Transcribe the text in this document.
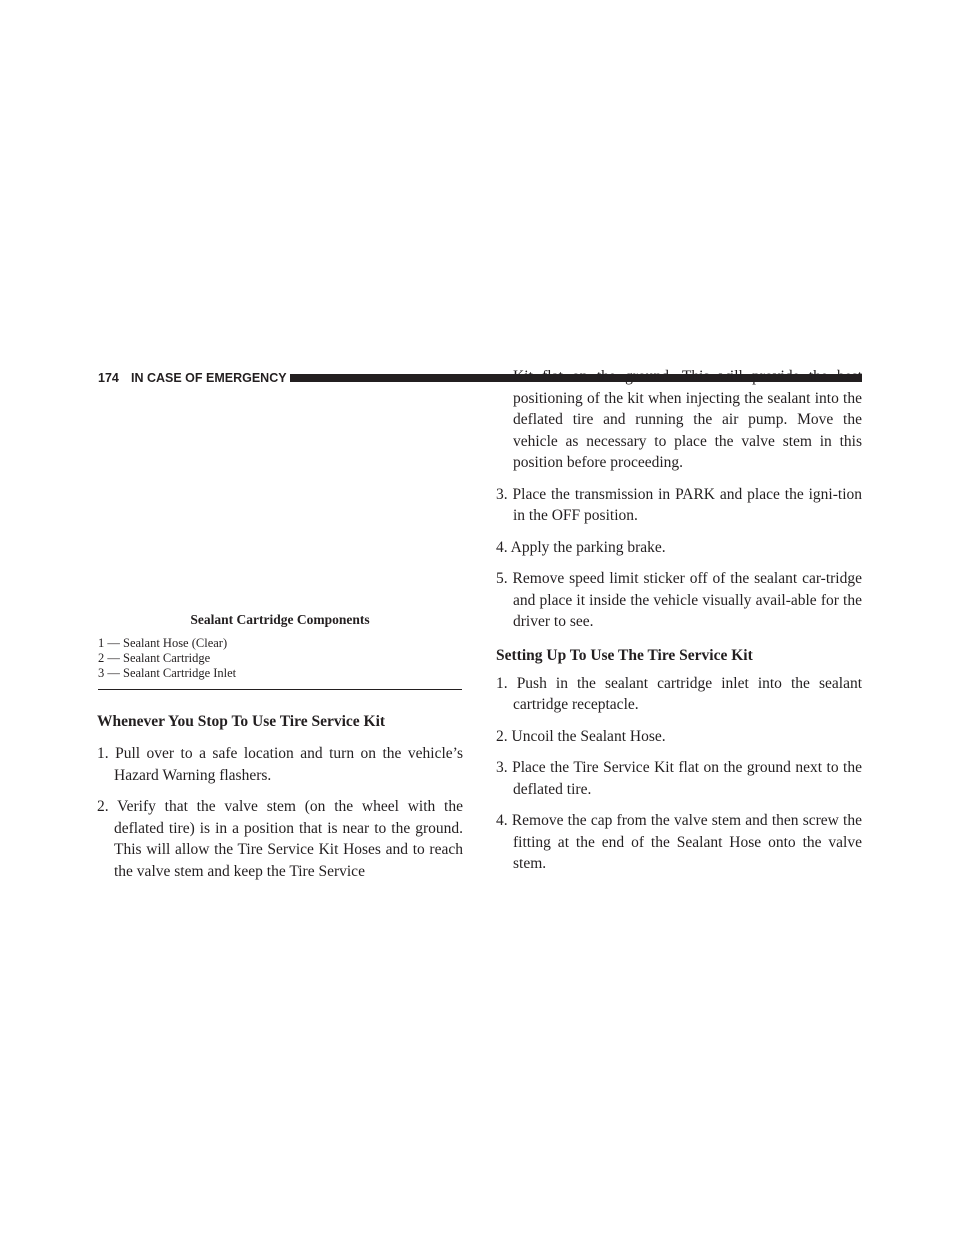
174 IN CASE OF EMERGENCY
Sealant Cartridge Components
1 — Sealant Hose (Clear)
2 — Sealant Cartridge
3 — Sealant Cartridge Inlet
Whenever You Stop To Use Tire Service Kit
1. Pull over to a safe location and turn on the vehicle’s Hazard Warning flashers.
2. Verify that the valve stem (on the wheel with the deflated tire) is in a position that is near to the ground. This will allow the Tire Service Kit Hoses and to reach the valve stem and keep the Tire Service
Kit flat on the ground. This will provide the best positioning of the kit when injecting the sealant into the deflated tire and running the air pump. Move the vehicle as necessary to place the valve stem in this position before proceeding.
3. Place the transmission in PARK and place the igni-tion in the OFF position.
4. Apply the parking brake.
5. Remove speed limit sticker off of the sealant car-tridge and place it inside the vehicle visually avail-able for the driver to see.
Setting Up To Use The Tire Service Kit
1. Push in the sealant cartridge inlet into the sealant cartridge receptacle.
2. Uncoil the Sealant Hose.
3. Place the Tire Service Kit flat on the ground next to the deflated tire.
4. Remove the cap from the valve stem and then screw the fitting at the end of the Sealant Hose onto the valve stem.
